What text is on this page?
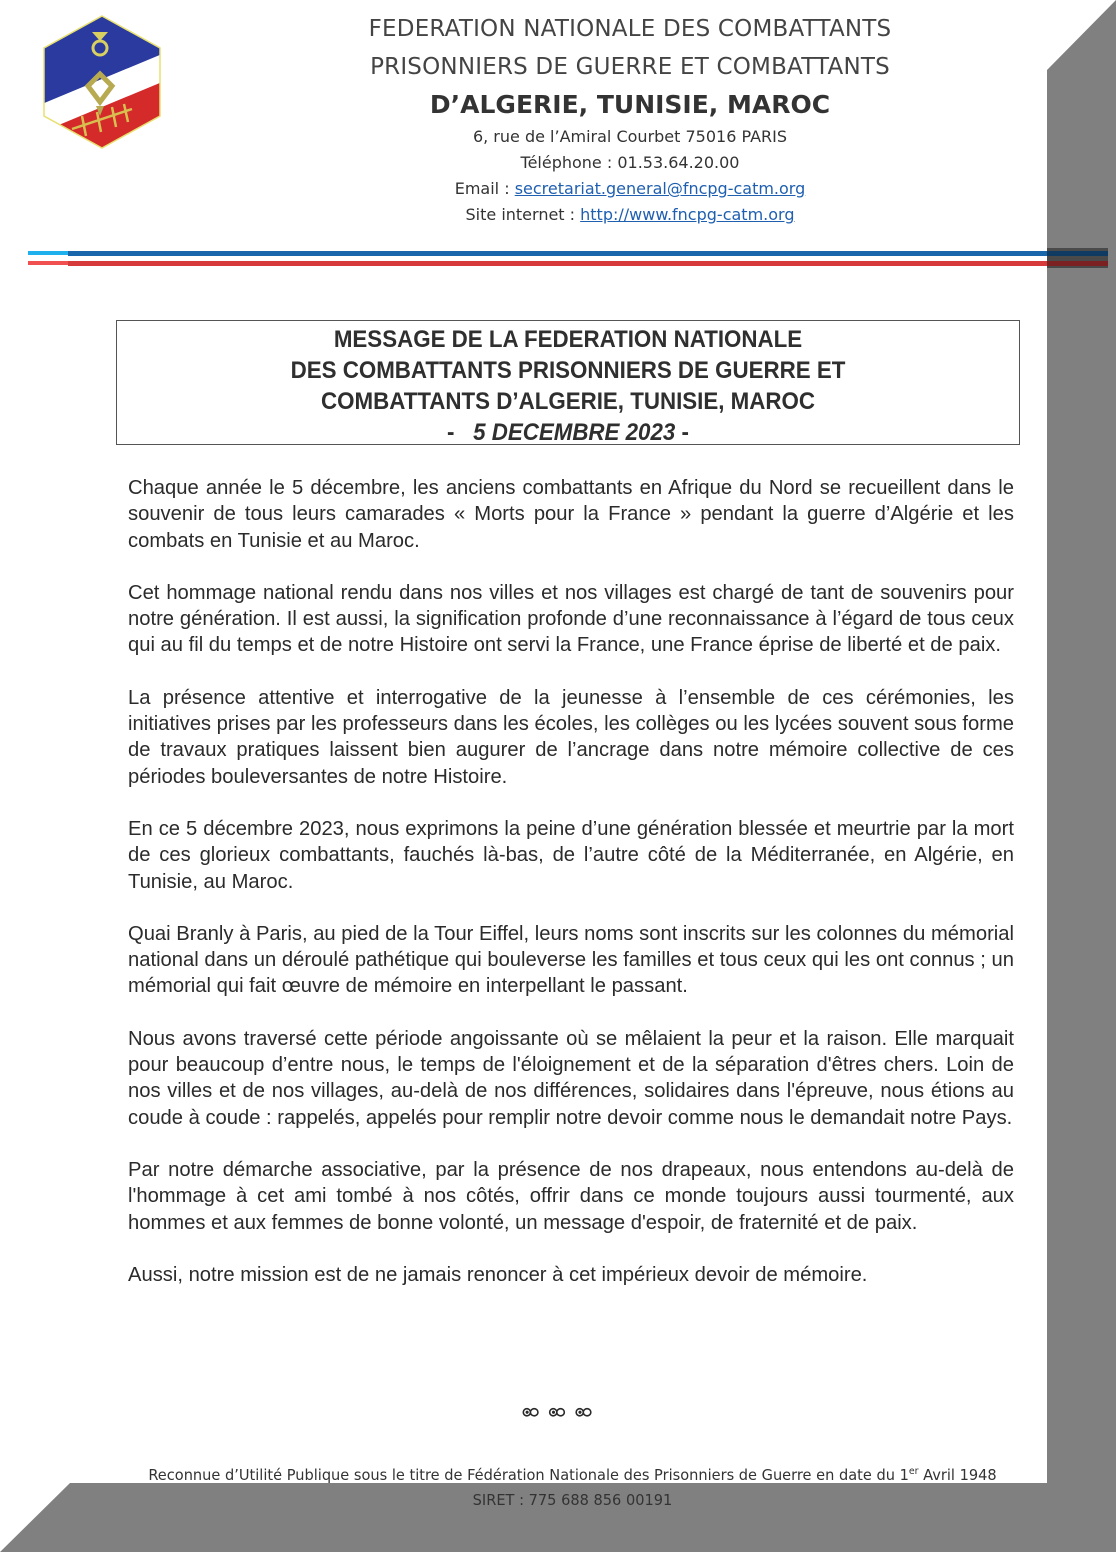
FEDERATION NATIONALE DES COMBATTANTS
PRISONNIERS DE GUERRE ET COMBATTANTS
D’ALGERIE, TUNISIE, MAROC
6, rue de l’Amiral Courbet 75016 PARIS
Téléphone : 01.53.64.20.00
Email : secretariat.general@fncpg-catm.org
Site internet : http://www.fncpg-catm.org
MESSAGE DE LA FEDERATION NATIONALE
DES COMBATTANTS PRISONNIERS DE GUERRE ET
COMBATTANTS D’ALGERIE, TUNISIE, MAROC
-   5 DECEMBRE 2023 -

Chaque année le 5 décembre, les anciens combattants en Afrique du Nord se recueillent dans le souvenir de tous leurs camarades « Morts pour la France » pendant la guerre d’Algérie et les combats en Tunisie et au Maroc.

Cet hommage national rendu dans nos villes et nos villages est chargé de tant de souvenirs pour notre génération. Il est aussi, la signification profonde d’une reconnaissance à l’égard de tous ceux qui au fil du temps et de notre Histoire ont servi la France, une France éprise de liberté et de paix.

La présence attentive et interrogative de la jeunesse à l’ensemble de ces cérémonies, les initiatives prises par les professeurs dans les écoles, les collèges ou les lycées souvent sous forme de travaux pratiques laissent bien augurer de l’ancrage dans notre mémoire collective de ces périodes bouleversantes de notre Histoire.

En ce 5 décembre 2023, nous exprimons la peine d’une génération blessée et meurtrie par la mort de ces glorieux combattants, fauchés là-bas, de l’autre côté de la Méditerranée, en Algérie, en Tunisie, au Maroc.

Quai Branly à Paris, au pied de la Tour Eiffel, leurs noms sont inscrits sur les colonnes du mémorial national dans un déroulé pathétique qui bouleverse les familles et tous ceux qui les ont connus ; un mémorial qui fait œuvre de mémoire en interpellant le passant.

Nous avons traversé cette période angoissante où se mêlaient la peur et la raison. Elle marquait pour beaucoup d’entre nous, le temps de l'éloignement et de la séparation d'êtres chers. Loin de nos villes et de nos villages, au-delà de nos différences, solidaires dans l'épreuve, nous étions au coude à coude : rappelés, appelés pour remplir notre devoir comme nous le demandait notre Pays.

Par notre démarche associative, par la présence de nos drapeaux, nous entendons au-delà de l'hommage à cet ami tombé à nos côtés, offrir dans ce monde toujours aussi tourmenté, aux hommes et aux femmes de bonne volonté, un message d'espoir, de fraternité et de paix.

Aussi, notre mission est de ne jamais renoncer à cet impérieux devoir de mémoire.

ꩧ ꩧ ꩧ
Reconnue d’Utilité Publique sous le titre de Fédération Nationale des Prisonniers de Guerre en date du 1er Avril 1948
SIRET : 775 688 856 00191
